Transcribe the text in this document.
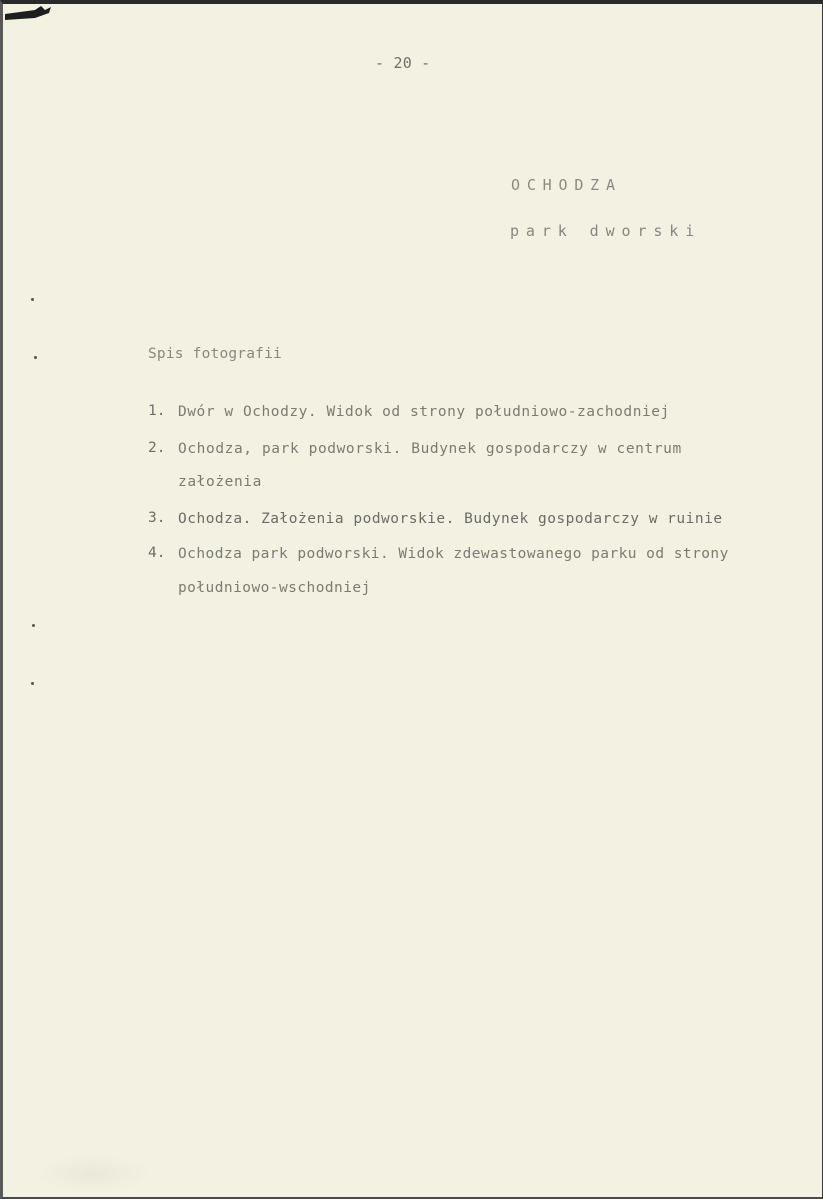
- 20 -
OCHODZA
park dworski
Spis fotografii
1. Dwór w Ochodzy. Widok od strony południowo-zachodniej
2. Ochodza, park podworski. Budynek gospodarczy w centrum
założenia
3. Ochodza. Założenia podworskie. Budynek gospodarczy w ruinie
4. Ochodza park podworski. Widok zdewastowanego parku od strony
południowo-wschodniej
